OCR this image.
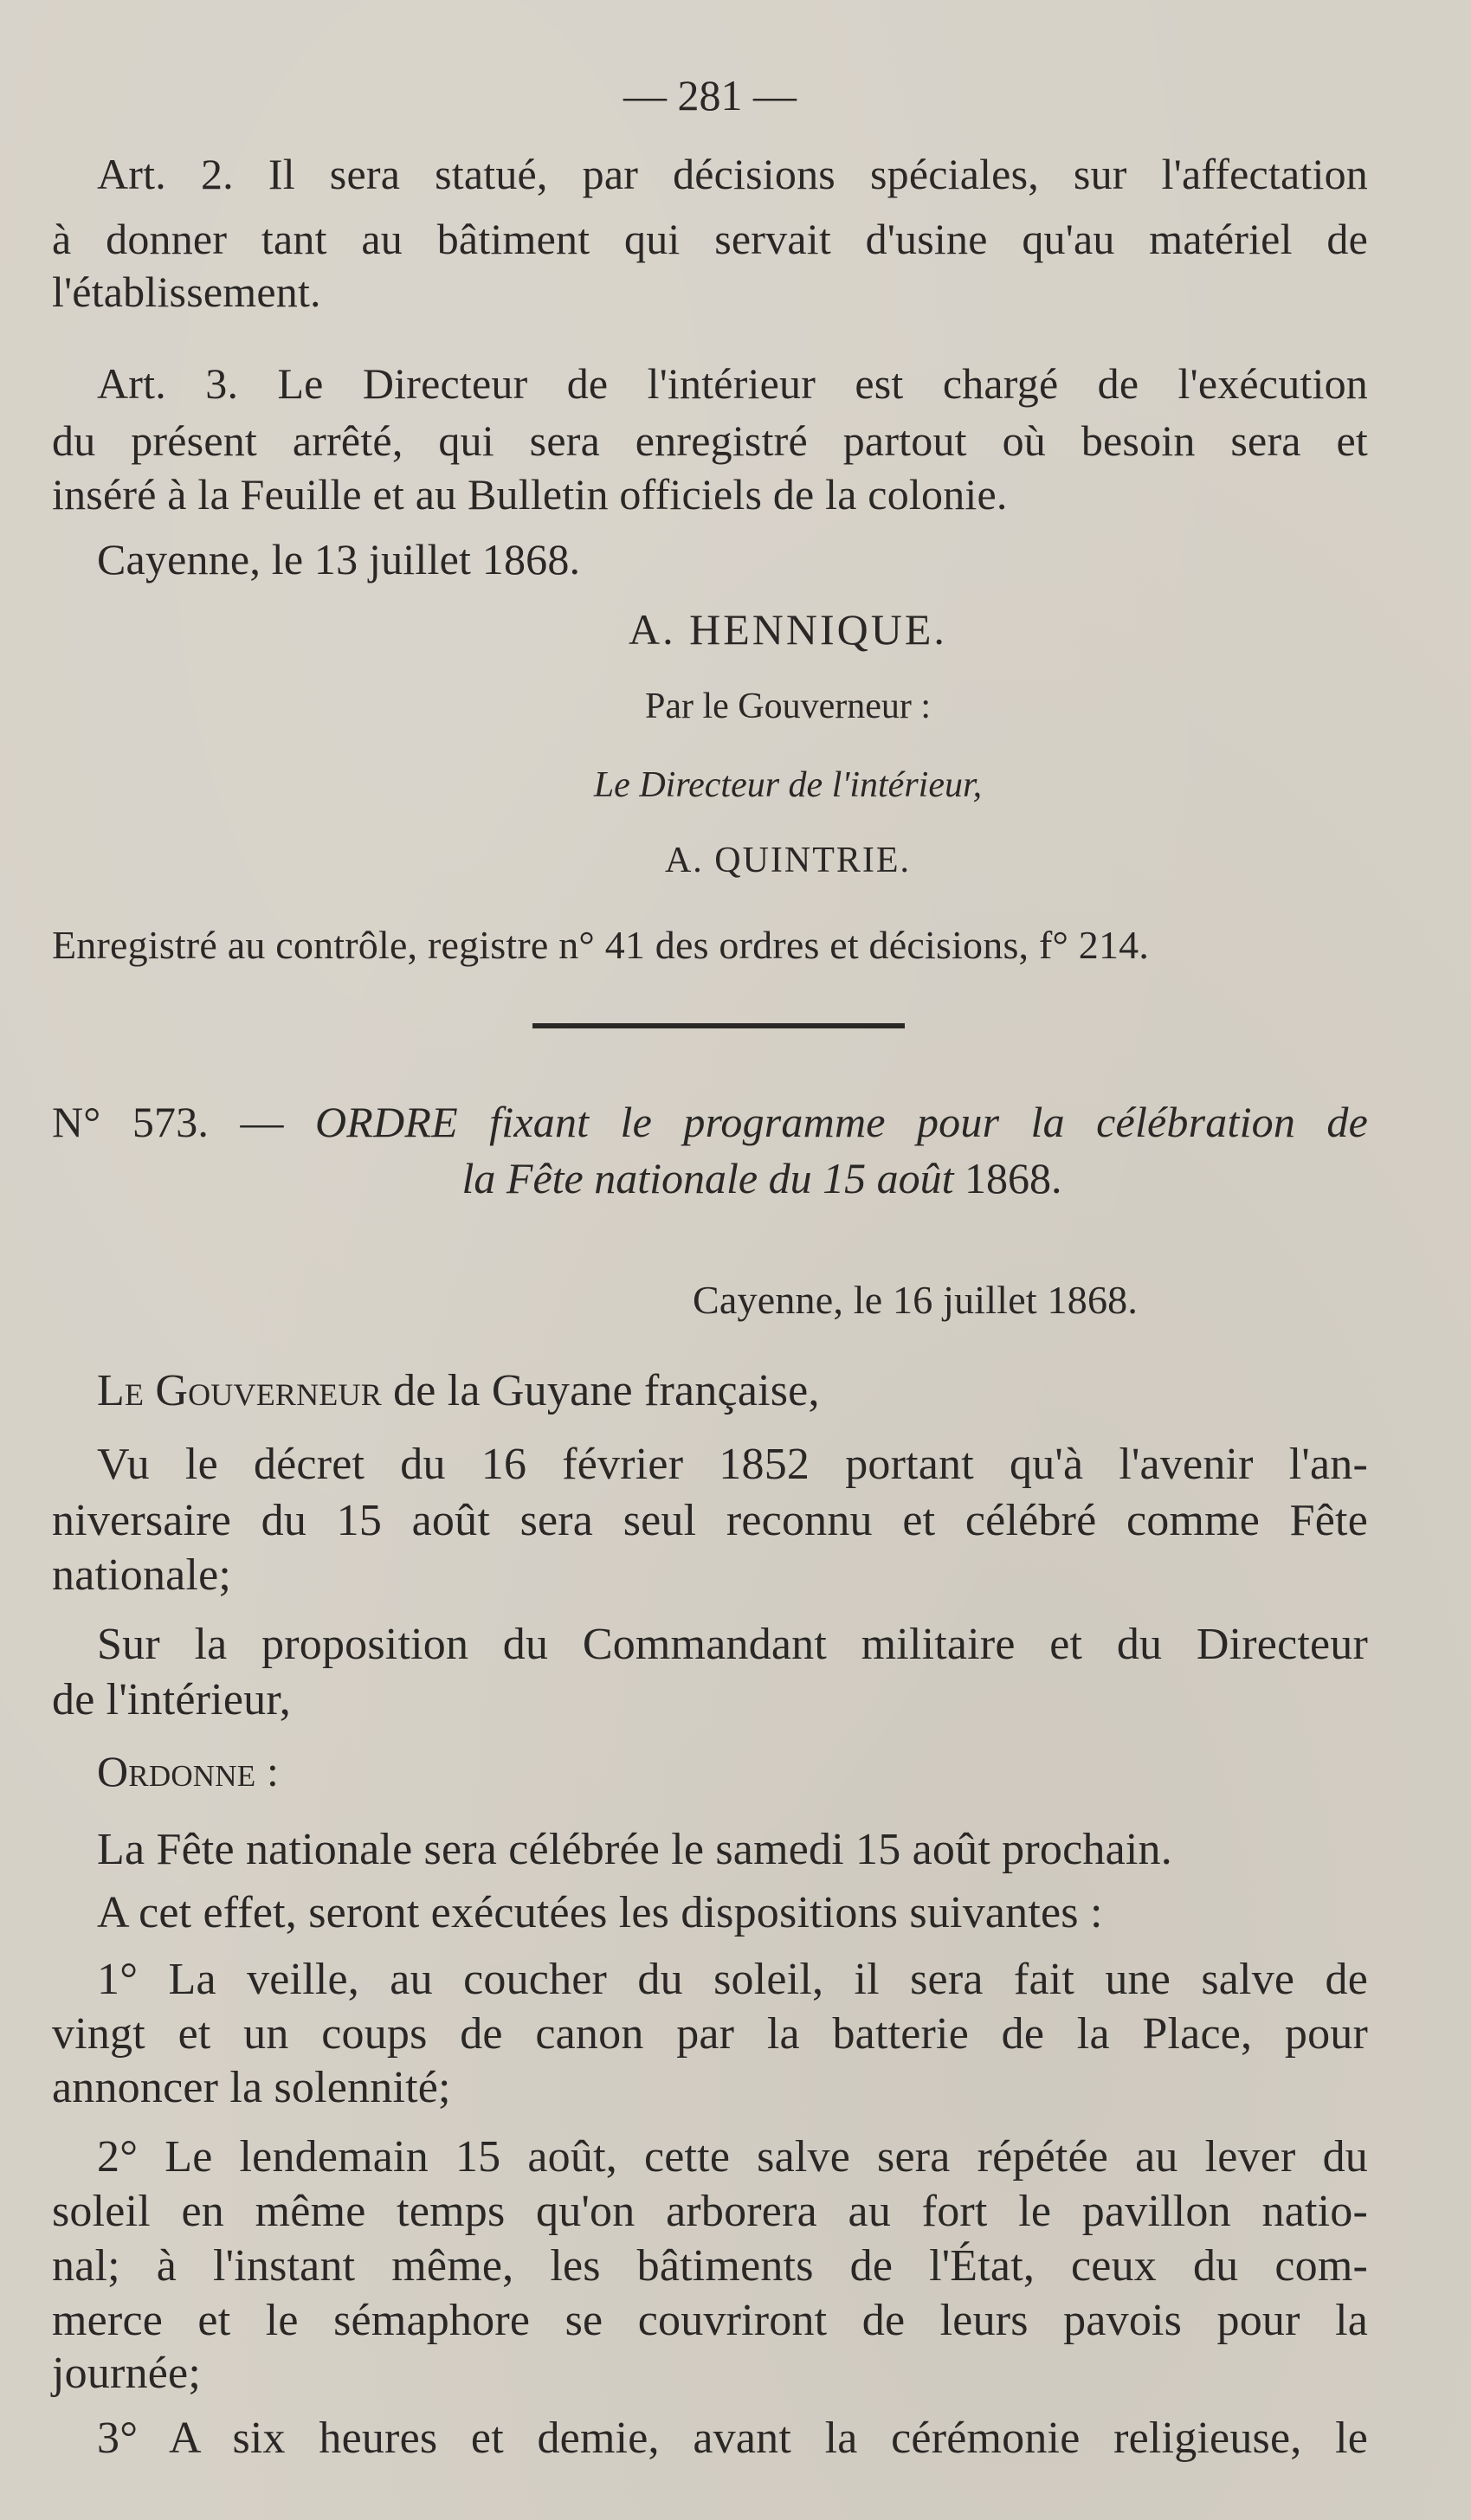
— 281 —

Art. 2. Il sera statué, par décisions spéciales, sur l'affectation

à donner tant au bâtiment qui servait d'usine qu'au matériel de

l'établissement.

Art. 3. Le Directeur de l'intérieur est chargé de l'exécution

du présent arrêté, qui sera enregistré partout où besoin sera et

inséré à la Feuille et au Bulletin officiels de la colonie.

Cayenne, le 13 juillet 1868.

A. HENNIQUE.

Par le Gouverneur :

Le Directeur de l'intérieur,

A. QUINTRIE.

Enregistré au contrôle, registre n° 41 des ordres et décisions, f° 214.

N° 573. — ORDRE fixant le programme pour la célébration de

la Fête nationale du 15 août 1868.

Cayenne, le 16 juillet 1868.

Le Gouverneur de la Guyane française,

Vu le décret du 16 février 1852 portant qu'à l'avenir l'an-

niversaire du 15 août sera seul reconnu et célébré comme Fête

nationale;

Sur la proposition du Commandant militaire et du Directeur

de l'intérieur,

Ordonne :

La Fête nationale sera célébrée le samedi 15 août prochain.

A cet effet, seront exécutées les dispositions suivantes :

1° La veille, au coucher du soleil, il sera fait une salve de

vingt et un coups de canon par la batterie de la Place, pour

annoncer la solennité;

2° Le lendemain 15 août, cette salve sera répétée au lever du

soleil en même temps qu'on arborera au fort le pavillon natio-

nal; à l'instant même, les bâtiments de l'État, ceux du com-

merce et le sémaphore se couvriront de leurs pavois pour la

journée;

3° A six heures et demie, avant la cérémonie religieuse, le
